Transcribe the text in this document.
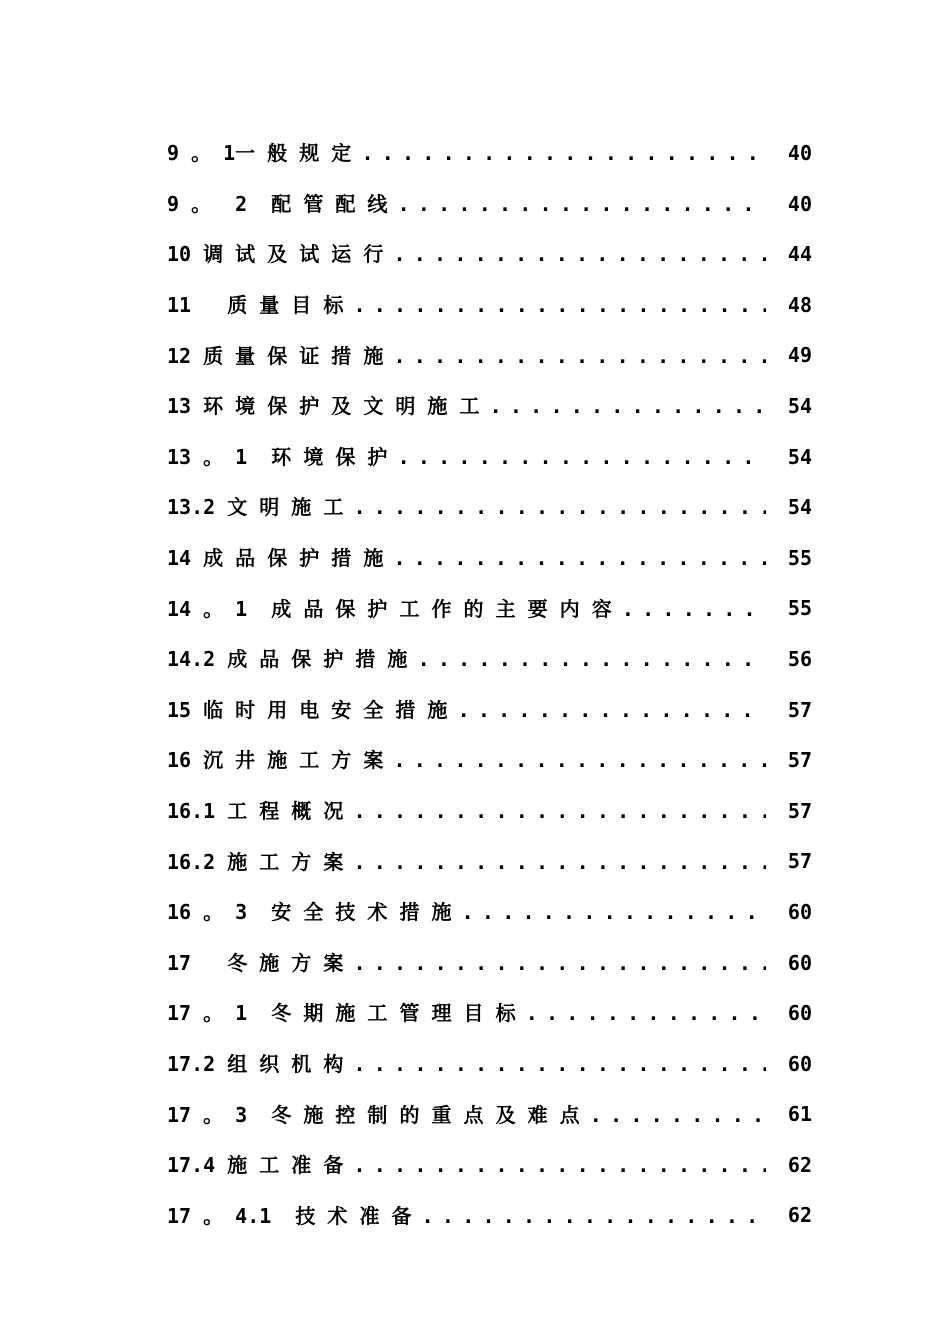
9 。 1一 般 规 定 . . .	40
9 。  2  配 管 配 线 . . .	40
10 调 试 及 试 运 行 . . .	44
11   质 量 目 标 . . .	48
12 质 量 保 证 措 施 . . .	49
13 环 境 保 护 及 文 明 施 工 . . .	54
13 。 1  环 境 保 护 . . .	54
13.2 文 明 施 工 . . .	54
14 成 品 保 护 措 施 . . .	55
14 。 1  成 品 保 护 工 作 的 主 要 内 容 . . .	55
14.2 成 品 保 护 措 施 . . .	56
15 临 时 用 电 安 全 措 施 . . .	57
16 沉 井 施 工 方 案 . . .	57
16.1 工 程 概 况 . . .	57
16.2 施 工 方 案 . . .	57
16 。 3  安 全 技 术 措 施 . . .	60
17   冬 施 方 案 . . .	60
17 。 1  冬 期 施 工 管 理 目 标 . . .	60
17.2 组 织 机 构 . . .	60
17 。 3  冬 施 控 制 的 重 点 及 难 点 . . .	61
17.4 施 工 准 备 . . .	62
17 。 4.1  技 术 准 备 . . .	62
